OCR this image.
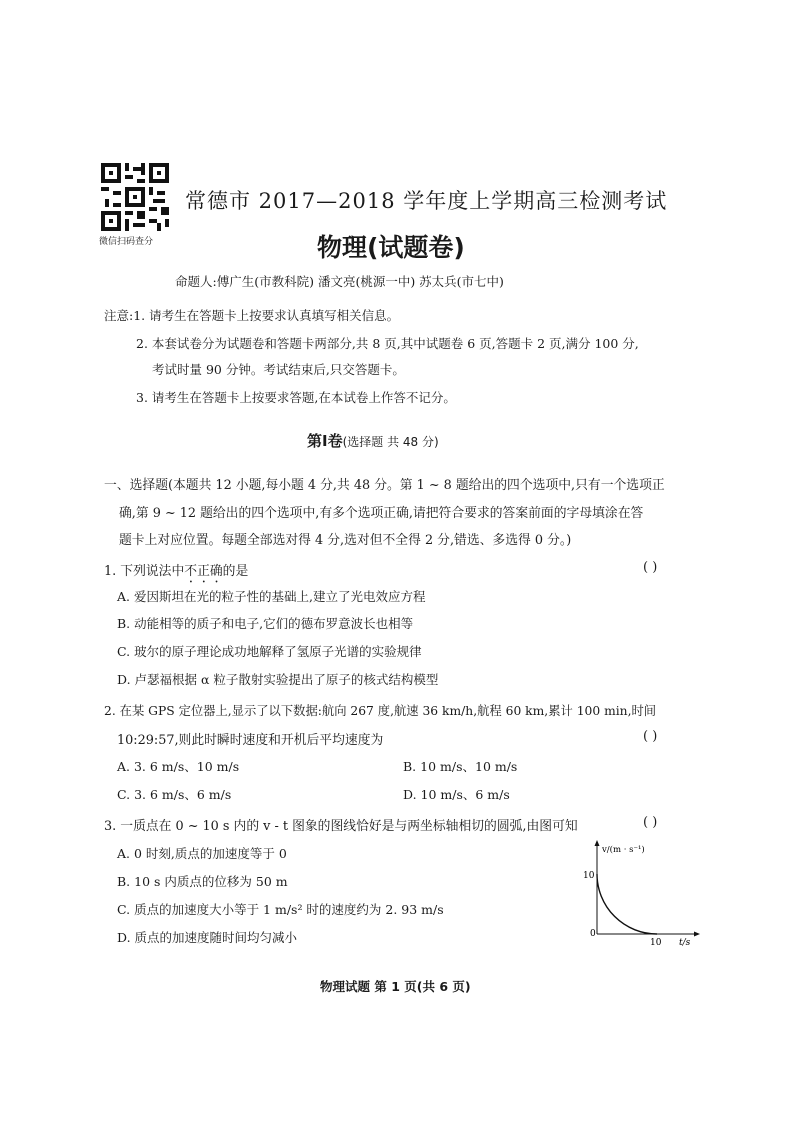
微信扫码查分
常德市 2017—2018 学年度上学期高三检测考试
物理(试题卷)
命题人:傅广生(市教科院) 潘文亮(桃源一中) 苏太兵(市七中)
注意:1. 请考生在答题卡上按要求认真填写相关信息。
2. 本套试卷分为试题卷和答题卡两部分,共 8 页,其中试题卷 6 页,答题卡 2 页,满分 100 分,
考试时量 90 分钟。考试结束后,只交答题卡。
3. 请考生在答题卡上按要求答题,在本试卷上作答不记分。
第Ⅰ卷(选择题 共 48 分)
一、选择题(本题共 12 小题,每小题 4 分,共 48 分。第 1 ~ 8 题给出的四个选项中,只有一个选项正
确,第 9 ~ 12 题给出的四个选项中,有多个选项正确,请把符合要求的答案前面的字母填涂在答
题卡上对应位置。每题全部选对得 4 分,选对但不全得 2 分,错选、多选得 0 分。)
1. 下列说法中不正确的是	( )
A. 爱因斯坦在光的粒子性的基础上,建立了光电效应方程
B. 动能相等的质子和电子,它们的德布罗意波长也相等
C. 玻尔的原子理论成功地解释了氢原子光谱的实验规律
D. 卢瑟福根据 α 粒子散射实验提出了原子的核式结构模型
2. 在某 GPS 定位器上,显示了以下数据:航向 267 度,航速 36 km/h,航程 60 km,累计 100 min,时间
10:29:57,则此时瞬时速度和开机后平均速度为	( )
A. 3. 6 m/s、10 m/s	B. 10 m/s、10 m/s
C. 3. 6 m/s、6 m/s	D. 10 m/s、6 m/s
3. 一质点在 0 ~ 10 s 内的 v - t 图象的图线恰好是与两坐标轴相切的圆弧,由图可知	( )
A. 0 时刻,质点的加速度等于 0
B. 10 s 内质点的位移为 50 m
C. 质点的加速度大小等于 1 m/s² 时的速度约为 2. 93 m/s
D. 质点的加速度随时间均匀减小
v/(m · s⁻¹)
t/s
0
10
10
物理试题 第 1 页(共 6 页)
